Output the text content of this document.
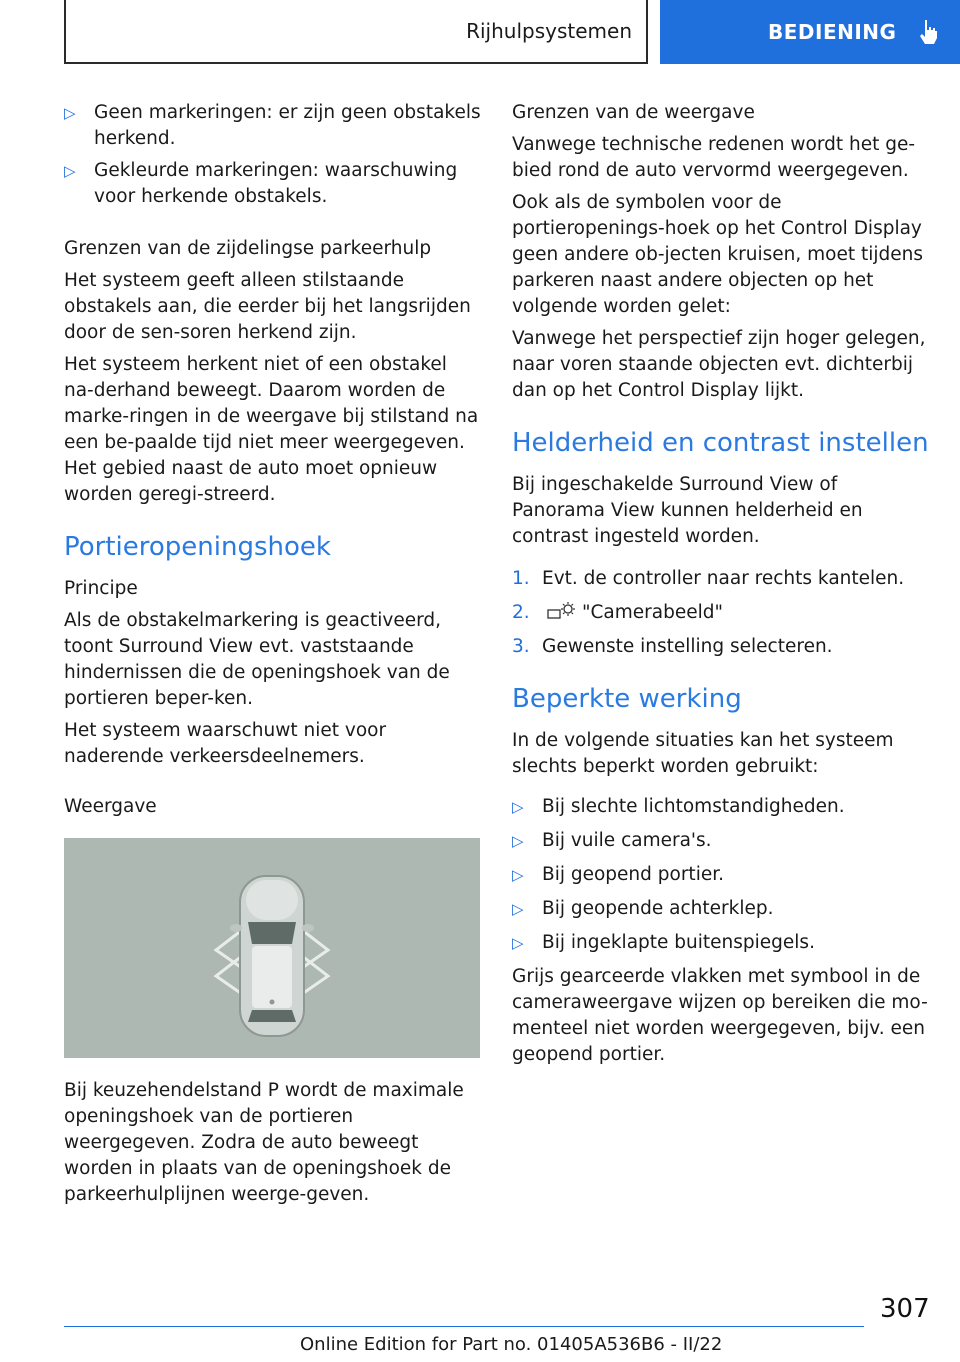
Rijhulpsystemen	BEDIENING
▷ Geen markeringen: er zijn geen obstakels herkend.
▷ Gekleurde markeringen: waarschuwing voor herkende obstakels.
Grenzen van de zijdelingse parkeerhulp

Het systeem geeft alleen stilstaande obstakels aan, die eerder bij het langsrijden door de sen-soren herkend zijn.

Het systeem herkent niet of een obstakel na-derhand beweegt. Daarom worden de marke-ringen in de weergave bij stilstand na een be-paalde tijd niet meer weergegeven. Het gebied naast de auto moet opnieuw worden geregi-streerd.

Portieropeningshoek
Principe

Als de obstakelmarkering is geactiveerd, toont Surround View evt. vaststaande hindernissen die de openingshoek van de portieren beper-ken.

Het systeem waarschuwt niet voor naderende verkeersdeelnemers.

Weergave

Bij keuzehendelstand P wordt de maximale openingshoek van de portieren weergegeven. Zodra de auto beweegt worden in plaats van de openingshoek de parkeerhulplijnen weerge-geven.

Grenzen van de weergave

Vanwege technische redenen wordt het ge-bied rond de auto vervormd weergegeven.

Ook als de symbolen voor de portieropenings-hoek op het Control Display geen andere ob-jecten kruisen, moet tijdens parkeren naast andere objecten op het volgende worden gelet:

Vanwege het perspectief zijn hoger gelegen, naar voren staande objecten evt. dichterbij dan op het Control Display lijkt.

Helderheid en contrast instellen

Bij ingeschakelde Surround View of Panorama View kunnen helderheid en contrast ingesteld worden.

1. Evt. de controller naar rechts kantelen.
2.	"Camerabeeld"
3. Gewenste instelling selecteren.
Beperkte werking

In de volgende situaties kan het systeem slechts beperkt worden gebruikt:

▷ Bij slechte lichtomstandigheden.
▷ Bij vuile camera's.
▷ Bij geopend portier.
▷ Bij geopende achterklep.
▷ Bij ingeklapte buitenspiegels.

Grijs gearceerde vlakken met symbool in de cameraweergave wijzen op bereiken die mo-menteel niet worden weergegeven, bijv. een geopend portier.

307
Online Edition for Part no. 01405A536B6 - II/22
